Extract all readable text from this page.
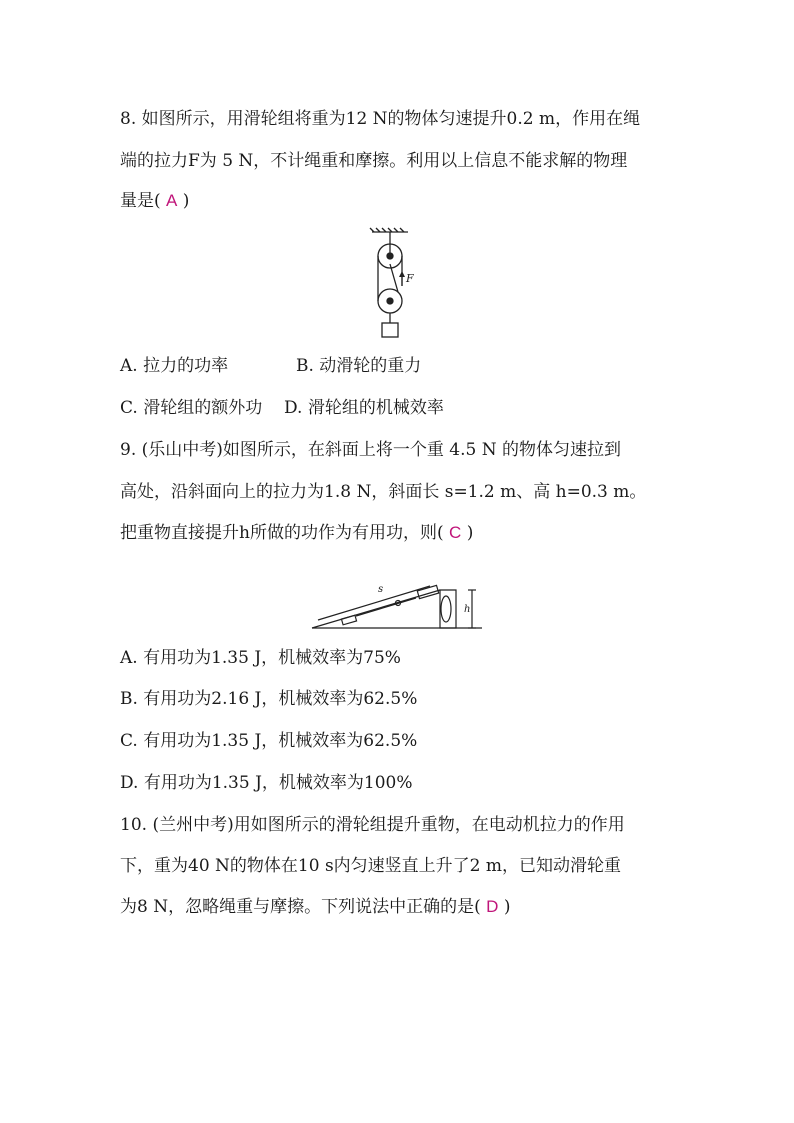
8. 如图所示，用滑轮组将重为12 N的物体匀速提升0.2 m，作用在绳
端的拉力F为 5 N，不计绳重和摩擦。利用以上信息不能求解的物理
量是( A )
F
A. 拉力的功率	B. 动滑轮的重力
C. 滑轮组的额外功 D. 滑轮组的机械效率
9. (乐山中考)如图所示，在斜面上将一个重 4.5 N 的物体匀速拉到
高处，沿斜面向上的拉力为1.8 N，斜面长 s=1.2 m、高 h=0.3 m。
把重物直接提升h所做的功作为有用功，则( C )
s
h
A. 有用功为1.35 J，机械效率为75%
B. 有用功为2.16 J，机械效率为62.5%
C. 有用功为1.35 J，机械效率为62.5%
D. 有用功为1.35 J，机械效率为100%
10. (兰州中考)用如图所示的滑轮组提升重物，在电动机拉力的作用
下，重为40 N的物体在10 s内匀速竖直上升了2 m，已知动滑轮重
为8 N，忽略绳重与摩擦。下列说法中正确的是( D )
